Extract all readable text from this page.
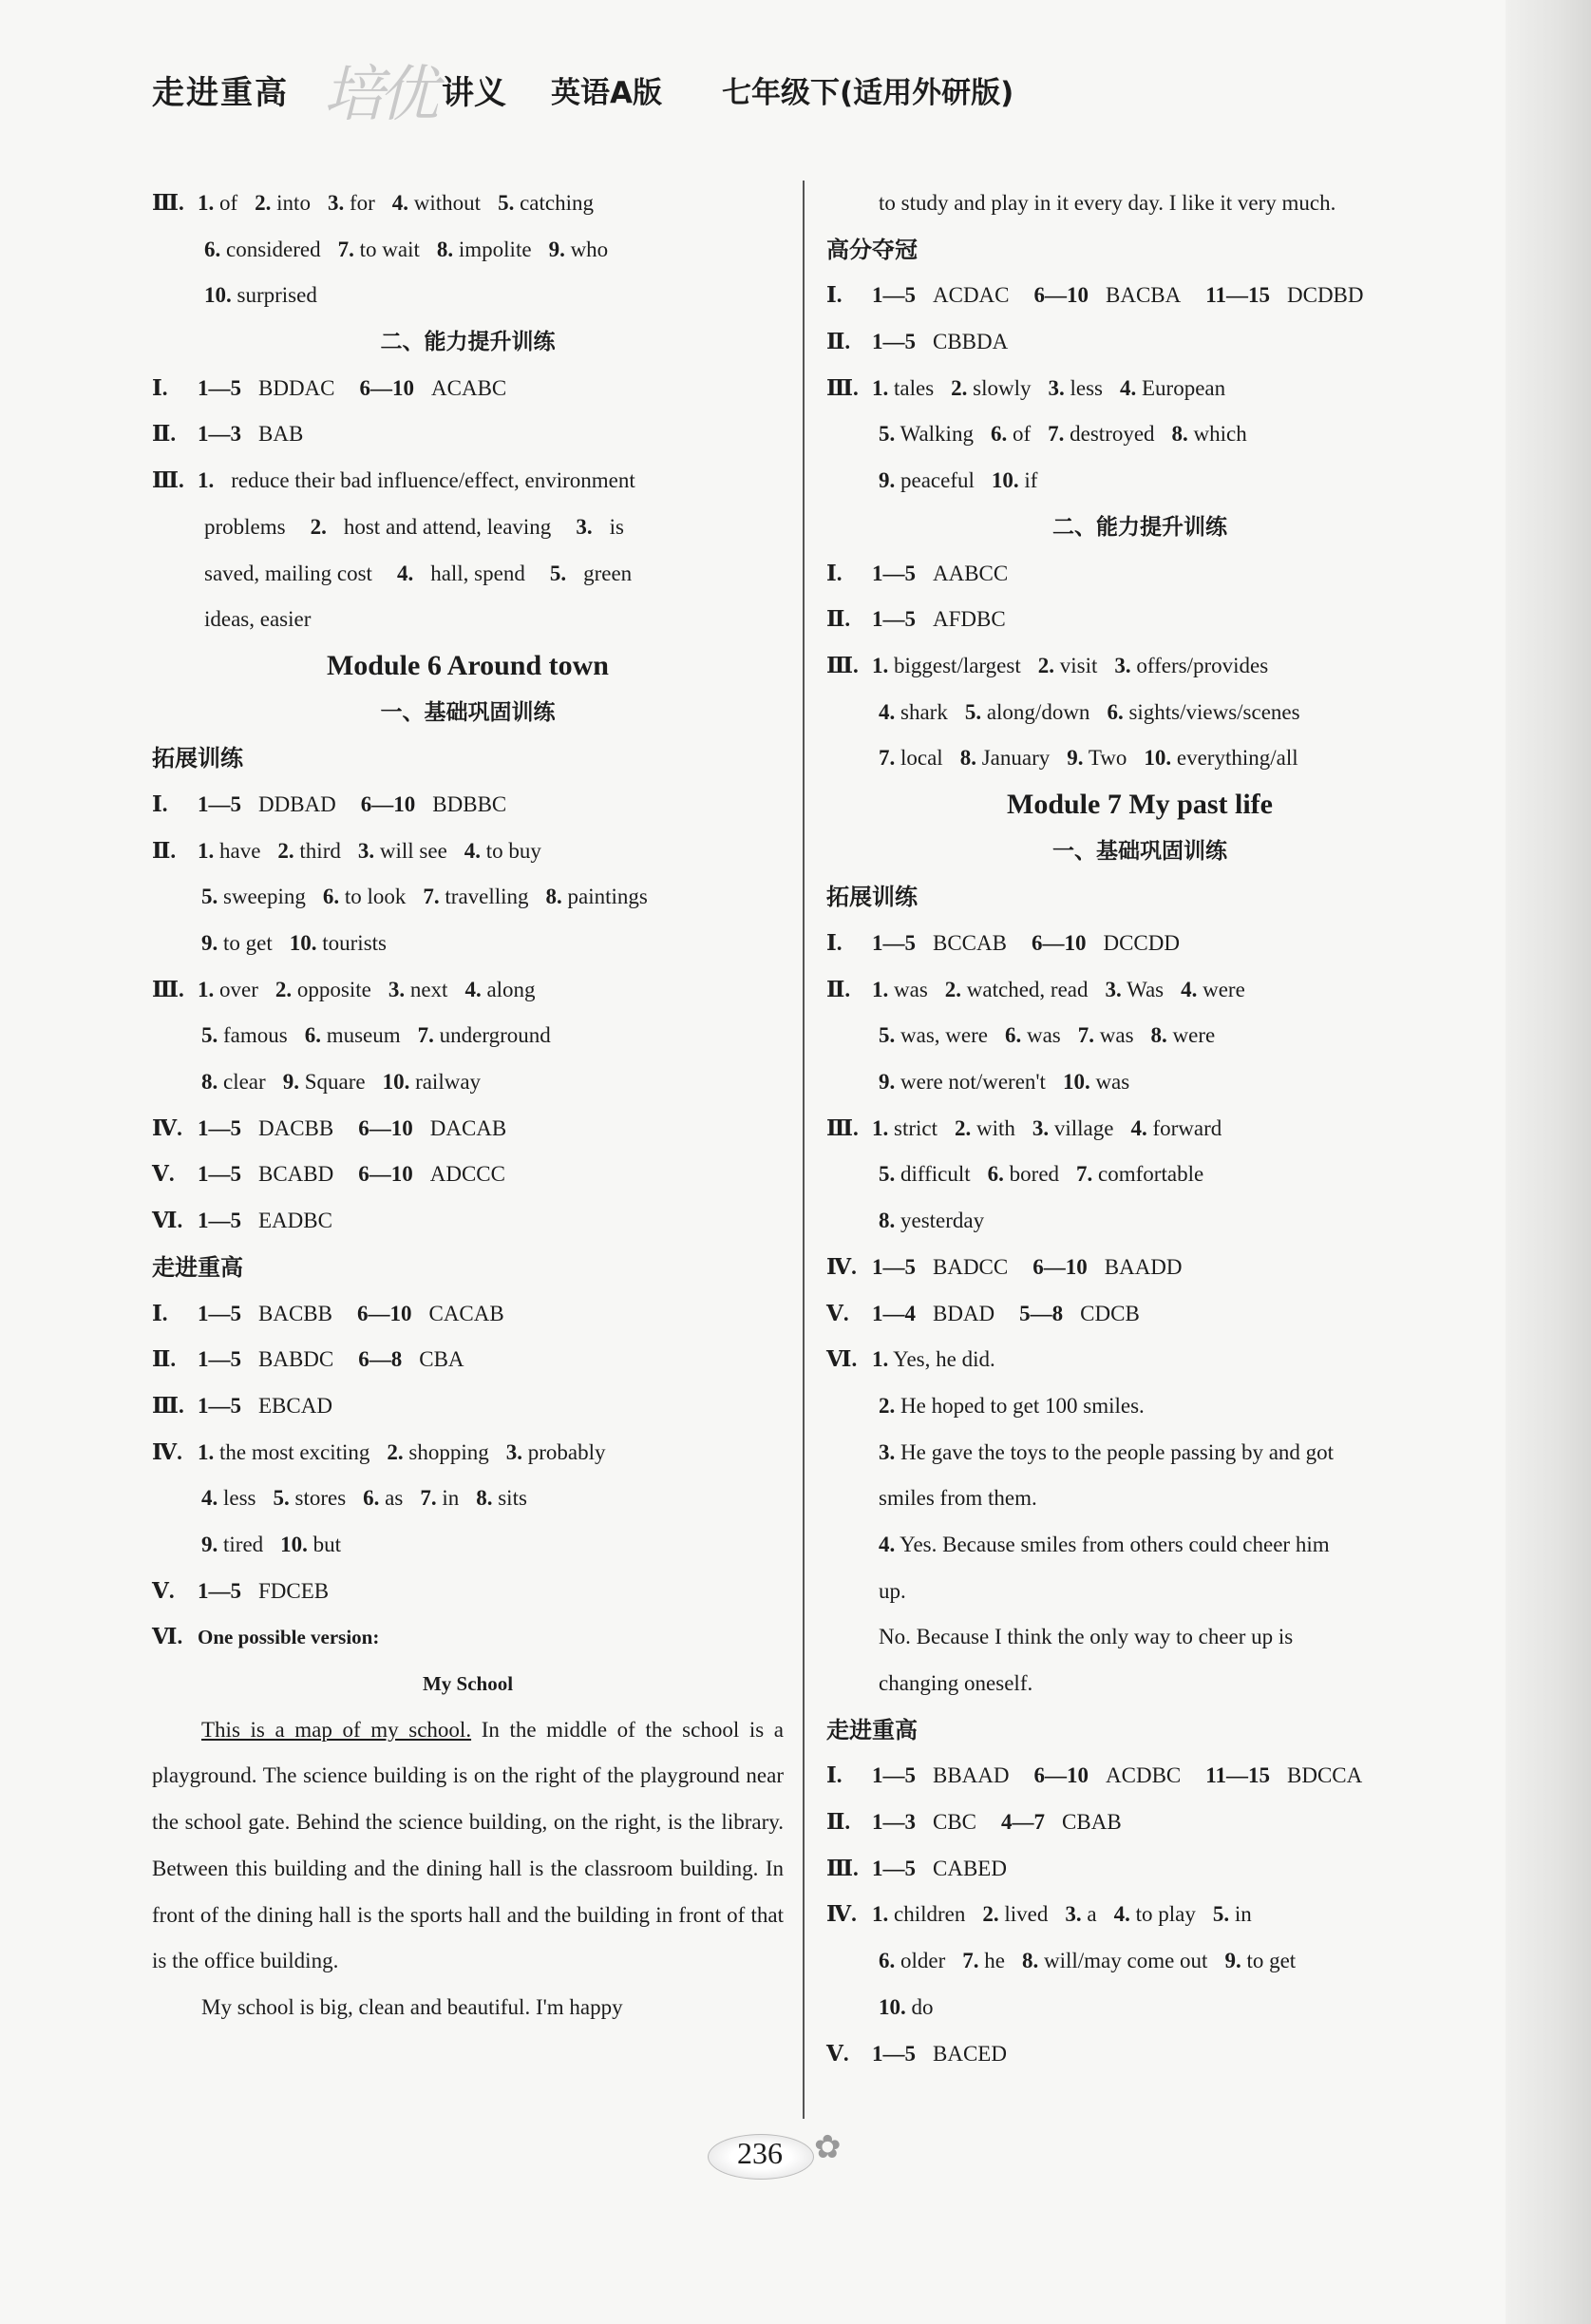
走进重高 培优 讲义 英语A版 七年级下(适用外研版)
Ⅲ. 1. of 2. into 3. for 4. without 5. catching
6. considered 7. to wait 8. impolite 9. who
10. surprised
二、能力提升训练
Ⅰ. 1—5 BDDAC 6—10 ACABC
Ⅱ. 1—3 BAB
Ⅲ. 1. reduce their bad influence/effect, environment
problems 2. host and attend, leaving 3. is
saved, mailing cost 4. hall, spend 5. green
ideas, easier
Module 6 Around town
一、基础巩固训练
拓展训练
Ⅰ. 1—5 DDBAD 6—10 BDBBC
Ⅱ. 1. have 2. third 3. will see 4. to buy
5. sweeping 6. to look 7. travelling 8. paintings
9. to get 10. tourists
Ⅲ. 1. over 2. opposite 3. next 4. along
5. famous 6. museum 7. underground
8. clear 9. Square 10. railway
Ⅳ. 1—5 DACBB 6—10 DACAB
Ⅴ. 1—5 BCABD 6—10 ADCCC
Ⅵ. 1—5 EADBC
走进重高
Ⅰ. 1—5 BACBB 6—10 CACAB
Ⅱ. 1—5 BABDC 6—8 CBA
Ⅲ. 1—5 EBCAD
Ⅳ. 1. the most exciting 2. shopping 3. probably
4. less 5. stores 6. as 7. in 8. sits
9. tired 10. but
Ⅴ. 1—5 FDCEB
Ⅵ. One possible version:
My School
This is a map of my school. In the middle of the school is a playground. The science building is on the right of the playground near the school gate. Behind the science building, on the right, is the library. Between this building and the dining hall is the classroom building. In front of the dining hall is the sports hall and the building in front of that is the office building.
My school is big, clean and beautiful. I'm happy
to study and play in it every day. I like it very much.
高分夺冠
Ⅰ. 1—5 ACDAC 6—10 BACBA 11—15 DCDBD
Ⅱ. 1—5 CBBDA
Ⅲ. 1. tales 2. slowly 3. less 4. European
5. Walking 6. of 7. destroyed 8. which
9. peaceful 10. if
二、能力提升训练
Ⅰ. 1—5 AABCC
Ⅱ. 1—5 AFDBC
Ⅲ. 1. biggest/largest 2. visit 3. offers/provides
4. shark 5. along/down 6. sights/views/scenes
7. local 8. January 9. Two 10. everything/all
Module 7 My past life
一、基础巩固训练
拓展训练
Ⅰ. 1—5 BCCAB 6—10 DCCDD
Ⅱ. 1. was 2. watched, read 3. Was 4. were
5. was, were 6. was 7. was 8. were
9. were not/weren't 10. was
Ⅲ. 1. strict 2. with 3. village 4. forward
5. difficult 6. bored 7. comfortable
8. yesterday
Ⅳ. 1—5 BADCC 6—10 BAADD
Ⅴ. 1—4 BDAD 5—8 CDCB
Ⅵ. 1. Yes, he did.
2. He hoped to get 100 smiles.
3. He gave the toys to the people passing by and got
smiles from them.
4. Yes. Because smiles from others could cheer him
up.
No. Because I think the only way to cheer up is
changing oneself.
走进重高
Ⅰ. 1—5 BBAAD 6—10 ACDBC 11—15 BDCCA
Ⅱ. 1—3 CBC 4—7 CBAB
Ⅲ. 1—5 CABED
Ⅳ. 1. children 2. lived 3. a 4. to play 5. in
6. older 7. he 8. will/may come out 9. to get
10. do
Ⅴ. 1—5 BACED
236 ✿
